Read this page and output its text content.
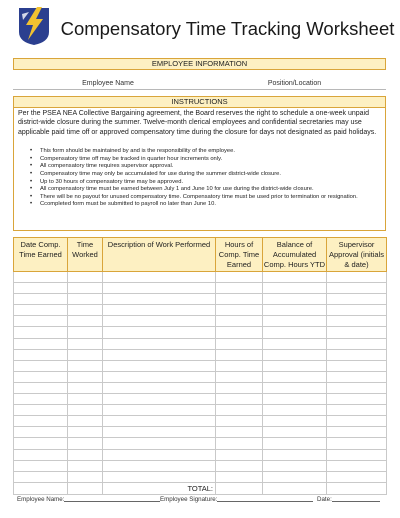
Compensatory Time Tracking Worksheet
EMPLOYEE INFORMATION
Employee Name	Position/Location
INSTRUCTIONS

Per the PSEA NEA Collective Bargaining agreement, the Board reserves the right to schedule a one-week unpaid district-wide closure during the summer. Twelve-month clerical employees and confidential secretaries may use applicable paid time off or approved compensatory time during the closure for days not designated as paid holidays.

• This form should be maintained by and is the responsibility of the employee.
• Compensatory time off may be tracked in quarter hour increments only.
• All compensatory time requires supervisor approval.
• Compensatory time may only be accumulated for use during the summer district-wide closure.
• Up to 30 hours of compensatory time may be approved.
• All compensatory time must be earned between July 1 and June 10 for use during the district-wide closure.
• There will be no payout for unused compensatory time. Compensatory time must be used prior to termination or resignation.
• Ccompleted form must be submitted to payroll no later than June 10.
Date Comp. Time Earned	Time Worked	Description of Work Performed	Hours of Comp. Time Earned	Balance of Accumulated Comp. Hours YTD	Supervisor Approval (initials & date)

		TOTAL:			
Employee Name:	Employee Signature:	Date:
